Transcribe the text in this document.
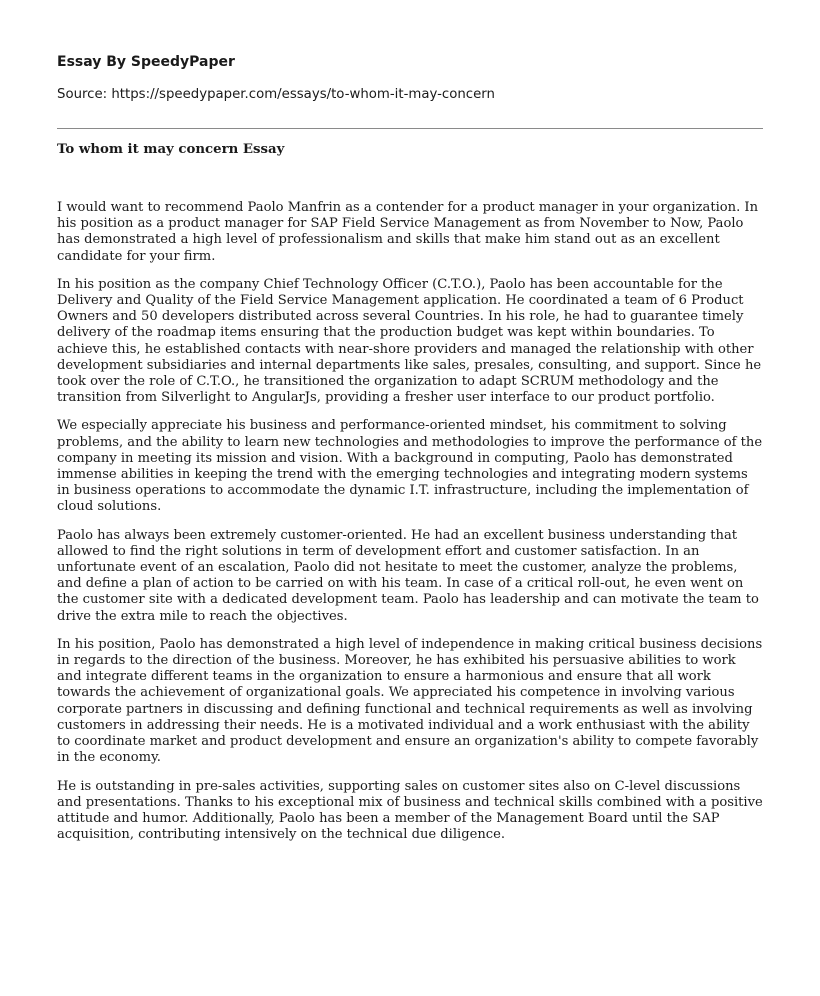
Essay By SpeedyPaper
Source: https://speedypaper.com/essays/to-whom-it-may-concern
To whom it may concern Essay

I would want to recommend Paolo Manfrin as a contender for a product manager in your organization. In his position as a product manager for SAP Field Service Management as from November to Now, Paolo has demonstrated a high level of professionalism and skills that make him stand out as an excellent candidate for your firm.

In his position as the company Chief Technology Officer (C.T.O.), Paolo has been accountable for the Delivery and Quality of the Field Service Management application. He coordinated a team of 6 Product Owners and 50 developers distributed across several Countries. In his role, he had to guarantee timely delivery of the roadmap items ensuring that the production budget was kept within boundaries. To achieve this, he established contacts with near-shore providers and managed the relationship with other development subsidiaries and internal departments like sales, presales, consulting, and support. Since he took over the role of C.T.O., he transitioned the organization to adapt SCRUM methodology and the transition from Silverlight to AngularJs, providing a fresher user interface to our product portfolio.

We especially appreciate his business and performance-oriented mindset, his commitment to solving problems, and the ability to learn new technologies and methodologies to improve the performance of the company in meeting its mission and vision. With a background in computing, Paolo has demonstrated immense abilities in keeping the trend with the emerging technologies and integrating modern systems in business operations to accommodate the dynamic I.T. infrastructure, including the implementation of cloud solutions.

Paolo has always been extremely customer-oriented. He had an excellent business understanding that allowed to find the right solutions in term of development effort and customer satisfaction. In an unfortunate event of an escalation, Paolo did not hesitate to meet the customer, analyze the problems, and define a plan of action to be carried on with his team. In case of a critical roll-out, he even went on the customer site with a dedicated development team. Paolo has leadership and can motivate the team to drive the extra mile to reach the objectives.

In his position, Paolo has demonstrated a high level of independence in making critical business decisions in regards to the direction of the business. Moreover, he has exhibited his persuasive abilities to work and integrate different teams in the organization to ensure a harmonious and ensure that all work towards the achievement of organizational goals. We appreciated his competence in involving various corporate partners in discussing and defining functional and technical requirements as well as involving customers in addressing their needs. He is a motivated individual and a work enthusiast with the ability to coordinate market and product development and ensure an organization's ability to compete favorably in the economy.

He is outstanding in pre-sales activities, supporting sales on customer sites also on C-level discussions and presentations. Thanks to his exceptional mix of business and technical skills combined with a positive attitude and humor. Additionally, Paolo has been a member of the Management Board until the SAP acquisition, contributing intensively on the technical due diligence.
